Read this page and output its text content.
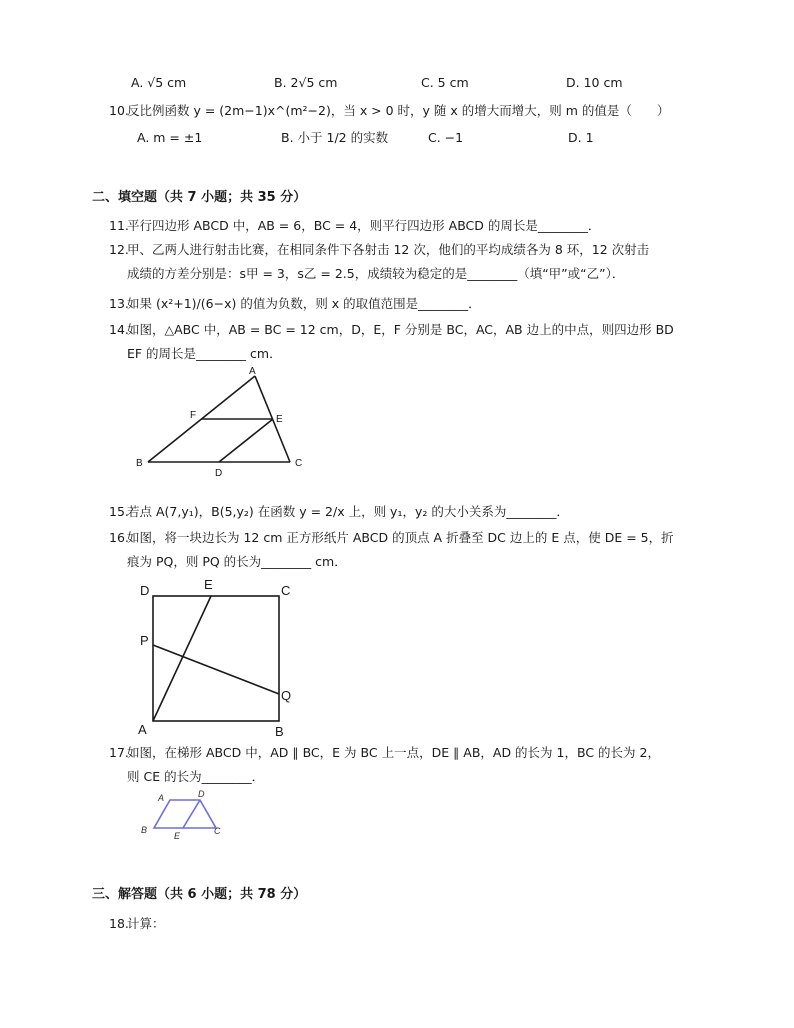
A. √5 cm	B. 2√5 cm	C. 5 cm	D. 10 cm
10.
反比例函数 y = (2m−1)x^(m²−2)，当 x > 0 时，y 随 x 的增大而增大，则 m 的值是（　　）
A. m = ±1	B. 小于 1/2 的实数	C. −1	D. 1
二、填空题（共 7 小题；共 35 分）
11.
平行四边形 ABCD 中，AB = 6，BC = 4，则平行四边形 ABCD 的周长是________．
12.
甲、乙两人进行射击比赛，在相同条件下各射击 12 次，他们的平均成绩各为 8 环，12 次射击
成绩的方差分别是：s甲 = 3，s乙 = 2.5，成绩较为稳定的是________（填“甲”或“乙”）．
13.
如果 (x²+1)/(6−x) 的值为负数，则 x 的取值范围是________．
14.
如图，△ABC 中，AB = BC = 12 cm，D，E，F 分别是 BC，AC，AB 边上的中点，则四边形 BD
EF 的周长是________ cm．
A
B	C
D
E
F
15.
若点 A(7,y₁)，B(5,y₂) 在函数 y = 2/x 上，则 y₁，y₂ 的大小关系为________．
16.
如图，将一块边长为 12 cm 正方形纸片 ABCD 的顶点 A 折叠至 DC 边上的 E 点，使 DE = 5，折
痕为 PQ，则 PQ 的长为________ cm．
D	E	C
P
Q
A	B
17.
如图，在梯形 ABCD 中，AD ∥ BC，E 为 BC 上一点，DE ∥ AB，AD 的长为 1，BC 的长为 2，
则 CE 的长为________．
A	D
B
E	C
三、解答题（共 6 小题；共 78 分）
18.
计算：
